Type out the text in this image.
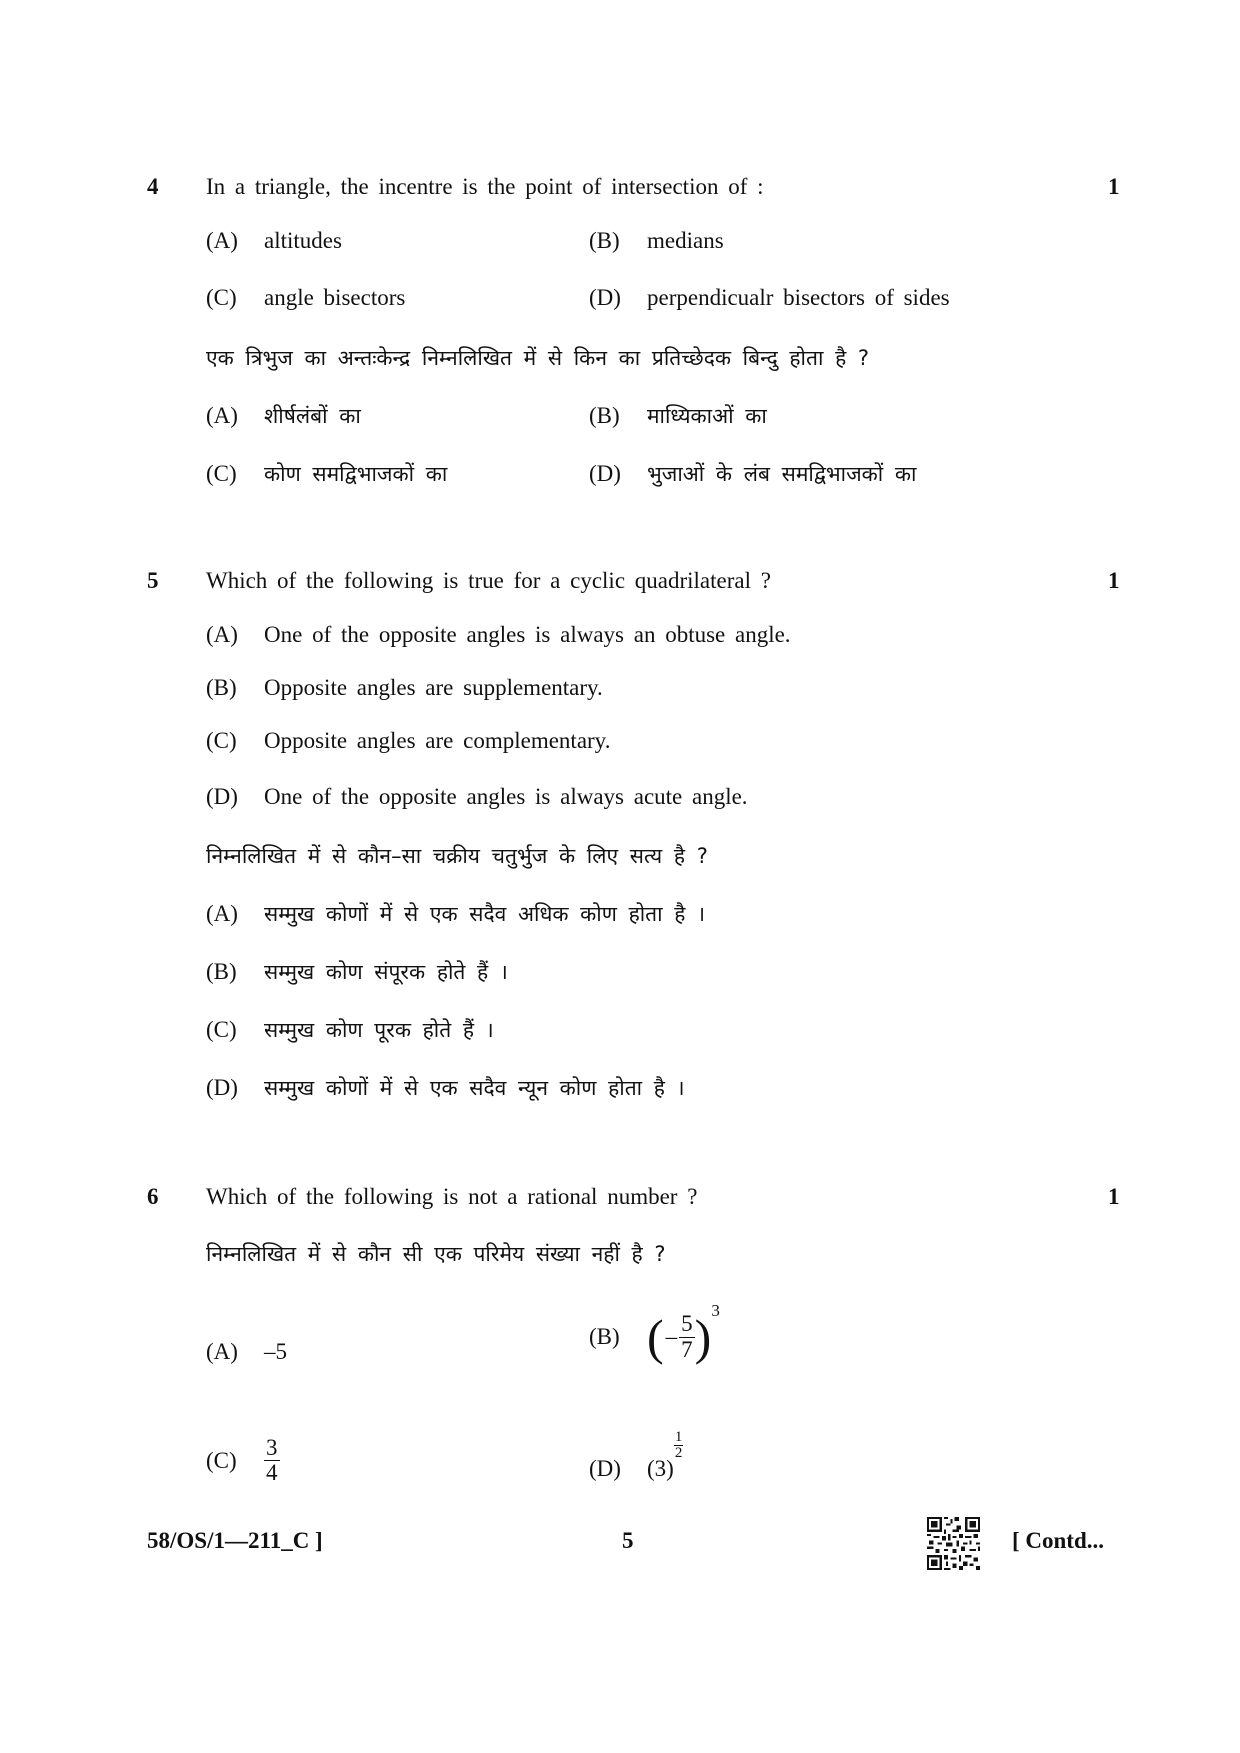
4 In a triangle, the incentre is the point of intersection of :	1
(A) altitudes	(B) medians
(C) angle bisectors	(D) perpendicualr bisectors of sides
एक त्रिभुज का अन्तःकेन्द्र निम्नलिखित में से किन का प्रतिच्छेदक बिन्दु होता है ?
(A) शीर्षलंबों का	(B) माध्यिकाओं का
(C) कोण समद्विभाजकों का	(D) भुजाओं के लंब समद्विभाजकों का
5 Which of the following is true for a cyclic quadrilateral ?	1
(A) One of the opposite angles is always an obtuse angle.
(B) Opposite angles are supplementary.
(C) Opposite angles are complementary.
(D) One of the opposite angles is always acute angle.
निम्नलिखित में से कौन–सा चक्रीय चतुर्भुज के लिए सत्य है ?
(A) सम्मुख कोणों में से एक सदैव अधिक कोण होता है ।
(B) सम्मुख कोण संपूरक होते हैं ।
(C) सम्मुख कोण पूरक होते हैं ।
(D) सम्मुख कोणों में से एक सदैव न्यून कोण होता है ।
6 Which of the following is not a rational number ?	1
निम्नलिखित में से कौन सी एक परिमेय संख्या नहीं है ?
(A) –5
(B) ( – $\frac{5}{7}$ ) 3
(C)	$\frac{3}{4}$	(D) (3)
$\frac{1}{2}$
58/OS/1—211_C ]	5	[ Contd...
